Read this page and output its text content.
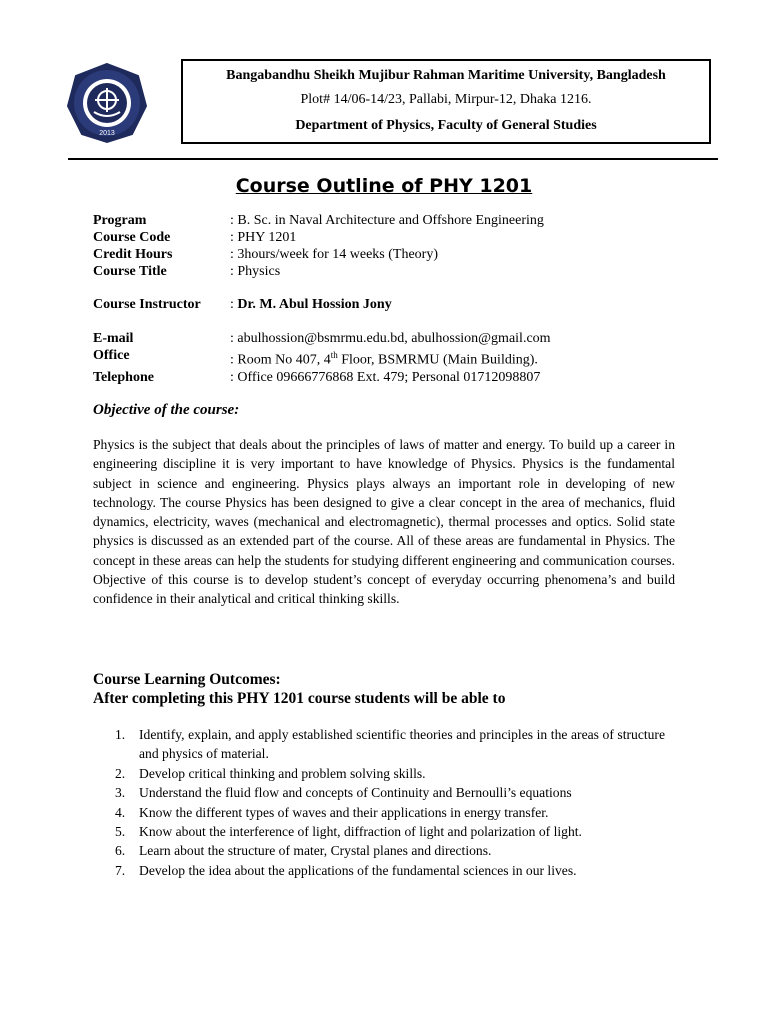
2013
Bangabandhu Sheikh Mujibur Rahman Maritime University, Bangladesh
Plot# 14/06-14/23, Pallabi, Mirpur-12, Dhaka 1216.
Department of Physics, Faculty of General Studies
Course Outline of PHY 1201
Program	: B. Sc. in Naval Architecture and Offshore Engineering
Course Code	: PHY 1201
Credit Hours	: 3hours/week for 14 weeks (Theory)
Course Title	: Physics
Course Instructor	: Dr. M. Abul Hossion Jony
E-mail	: abulhossion@bsmrmu.edu.bd, abulhossion@gmail.com
Office	: Room No 407, 4th Floor, BSMRMU (Main Building).
Telephone	: Office 09666776868 Ext. 479; Personal 01712098807
Objective of the course:
Physics is the subject that deals about the principles of laws of matter and energy. To build up a career in engineering discipline it is very important to have knowledge of Physics. Physics is the fundamental subject in science and engineering. Physics plays always an important role in developing of new technology. The course Physics has been designed to give a clear concept in the area of mechanics, fluid dynamics, electricity, waves (mechanical and electromagnetic), thermal processes and optics. Solid state physics is discussed as an extended part of the course. All of these areas are fundamental in Physics. The concept in these areas can help the students for studying different engineering and communication courses. Objective of this course is to develop student’s concept of everyday occurring phenomena’s and build confidence in their analytical and critical thinking skills.
Course Learning Outcomes:
After completing this PHY 1201 course students will be able to
1.	Identify, explain, and apply established scientific theories and principles in the areas of structure and physics of material.
2.	Develop critical thinking and problem solving skills.
3.	Understand the fluid flow and concepts of Continuity and Bernoulli’s equations
4.	Know the different types of waves and their applications in energy transfer.
5.	Know about the interference of light, diffraction of light and polarization of light.
6.	Learn about the structure of mater, Crystal planes and directions.
7.	Develop the idea about the applications of the fundamental sciences in our lives.
